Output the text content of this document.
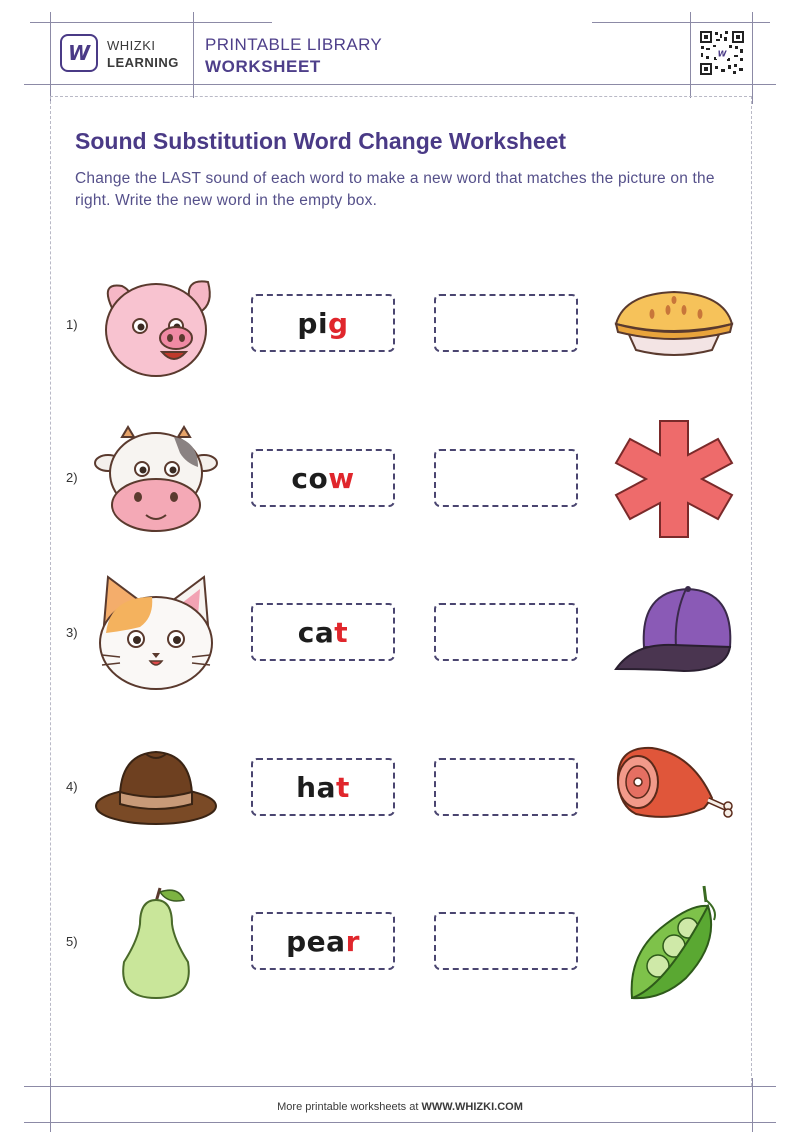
W WHIZKI
LEARNING
PRINTABLE LIBRARY
WORKSHEET
W
Sound Substitution Word Change Worksheet

Change the LAST sound of each word to make a new word that matches the picture on the right. Write the new word in the empty box.

1)	pig
2)	cow
3)	cat
4)	hat
5)	pear
More printable worksheets at WWW.WHIZKI.COM
